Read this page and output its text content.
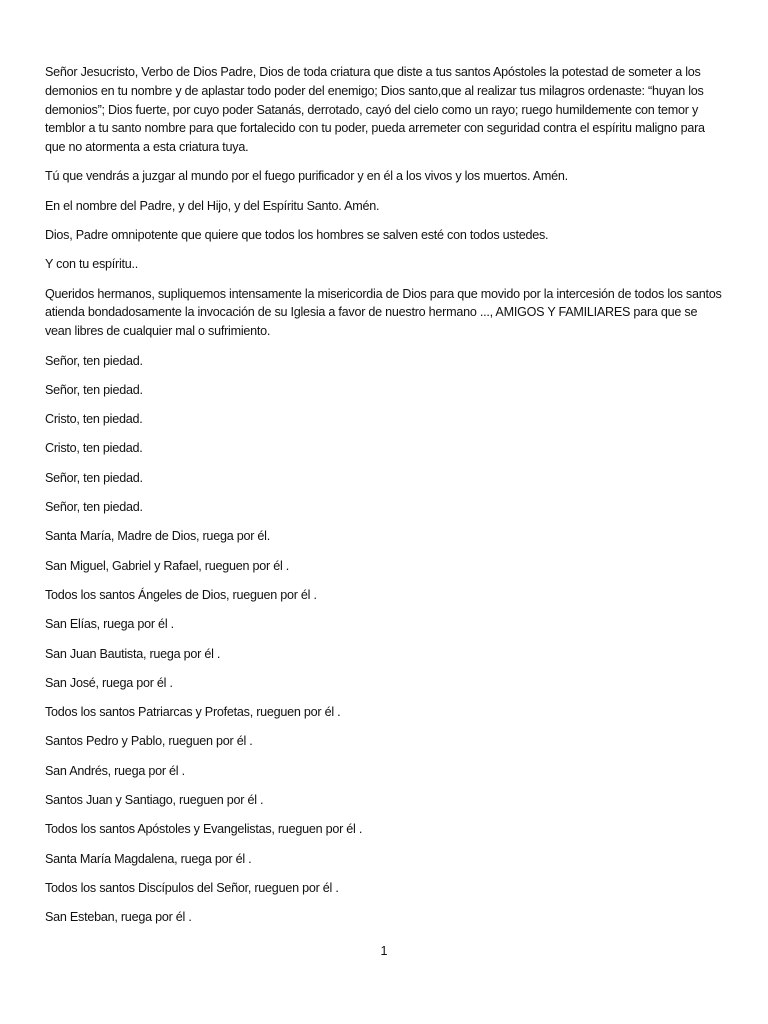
Señor Jesucristo, Verbo de Dios Padre, Dios de toda criatura que diste a tus santos Apóstoles la potestad de someter a los demonios en tu nombre y de aplastar todo poder del enemigo; Dios santo,que al realizar tus milagros ordenaste: “huyan los demonios”; Dios fuerte, por cuyo poder Satanás, derrotado, cayó del cielo como un rayo; ruego humildemente con temor y temblor a tu santo nombre para que fortalecido con tu poder, pueda arremeter con seguridad contra el espíritu maligno para que no atormenta a esta criatura tuya.

Tú que vendrás a juzgar al mundo por el fuego purificador y en él a los vivos y los muertos. Amén.

En el nombre del Padre, y del Hijo, y del Espíritu Santo. Amén.

Dios, Padre omnipotente que quiere que todos los hombres se salven esté con todos ustedes.

Y con tu espíritu..

Queridos hermanos, supliquemos intensamente la misericordia de Dios para que movido por la intercesión de todos los santos atienda bondadosamente la invocación de su Iglesia a favor de nuestro hermano ..., AMIGOS Y FAMILIARES para que se vean libres de cualquier mal o sufrimiento.

Señor, ten piedad.

Señor, ten piedad.

Cristo, ten piedad.

Cristo, ten piedad.

Señor, ten piedad.

Señor, ten piedad.

Santa María, Madre de Dios, ruega por él.

San Miguel, Gabriel y Rafael, rueguen por él .

Todos los santos Ángeles de Dios, rueguen por él .

San Elías, ruega por él .

San Juan Bautista, ruega por él .

San José, ruega por él .

Todos los santos Patriarcas y Profetas, rueguen por él .

Santos Pedro y Pablo, rueguen por él .

San Andrés, ruega por él .

Santos Juan y Santiago, rueguen por él .

Todos los santos Apóstoles y Evangelistas, rueguen por él .

Santa María Magdalena, ruega por él .

Todos los santos Discípulos del Señor, rueguen por él .

San Esteban, ruega por él .

1
